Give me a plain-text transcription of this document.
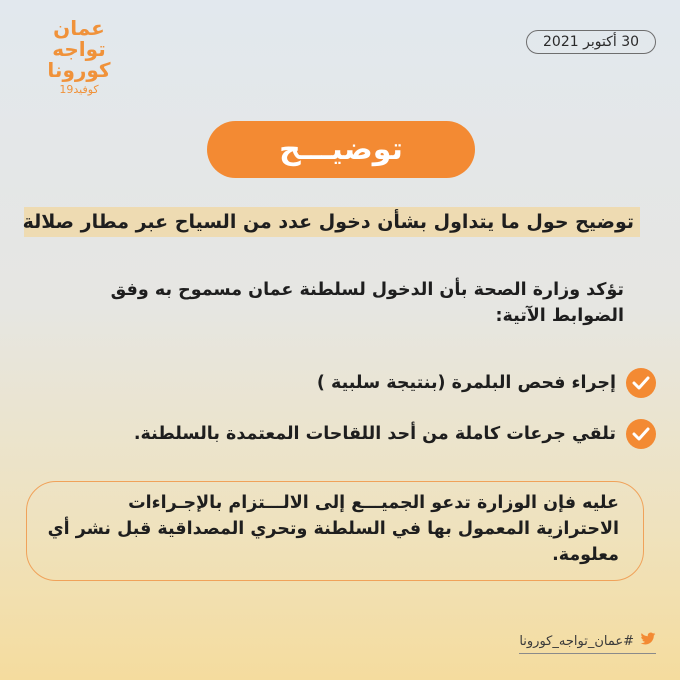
عمان
تواجه
كورونا
كوفيد19
30 أكتوبر 2021
توضيـــح
توضيح حول ما يتداول بشأن دخول عدد من السياح عبر مطار صلالة
تؤكد وزارة الصحة بأن الدخول لسلطنة عمان مسموح به وفق الضوابط الآتية:
إجراء فحص البلمرة (بنتيجة سلبية )
تلقي جرعات كاملة من أحد اللقاحات المعتمدة بالسلطنة.
عليه فإن الوزارة تدعو الجميـــع إلى الالـــتزام بالإجـراءات الاحترازية المعمول بها في السلطنة وتحري المصداقية قبل نشر أي معلومة.
#عمان_تواجه_كورونا
